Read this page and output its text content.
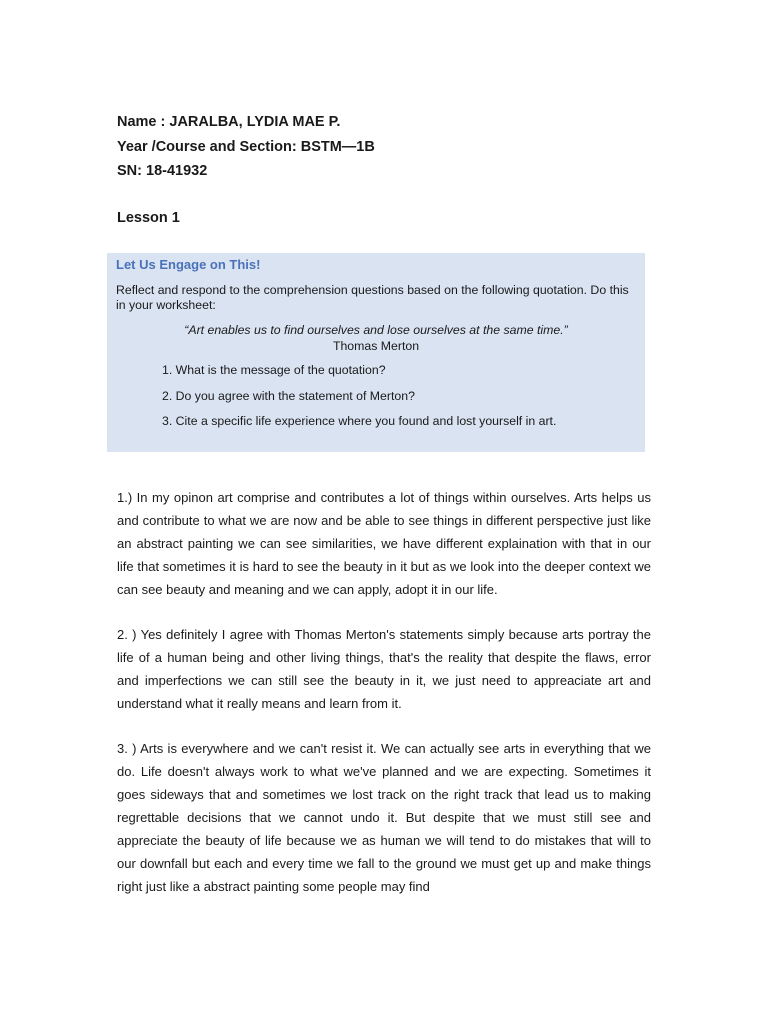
Name : JARALBA, LYDIA MAE P.
Year /Course and Section: BSTM—1B
SN: 18-41932
Lesson 1
Let Us Engage on This!
Reflect and respond to the comprehension questions based on the following quotation. Do this in your worksheet:
“Art enables us to find ourselves and lose ourselves at the same time.”
Thomas Merton
1. What is the message of the quotation?
2. Do you agree with the statement of Merton?
3. Cite a specific life experience where you found and lost yourself in art.

1.) In my opinon art comprise and contributes a lot of things within ourselves. Arts helps us and contribute to what we are now and be able to see things in different perspective just like an abstract painting we can see similarities, we have different explaination with that in our life that sometimes it is hard to see the beauty in it but as we look into the deeper context we can see beauty and meaning and we can apply, adopt it in our life.

2. ) Yes definitely I agree with Thomas Merton's statements simply because arts portray the life of a human being and other living things, that's the reality that despite the flaws, error and imperfections we can still see the beauty in it, we just need to appreaciate art and understand what it really means and learn from it.

3. ) Arts is everywhere and we can't resist it. We can actually see arts in everything that we do. Life doesn't always work to what we've planned and we are expecting. Sometimes it goes sideways that and sometimes we lost track on the right track that lead us to making regrettable decisions that we cannot undo it. But despite that we must still see and appreciate the beauty of life because we as human we will tend to do mistakes that will to our downfall but each and every time we fall to the ground we must get up and make things right just like a abstract painting some people may find
